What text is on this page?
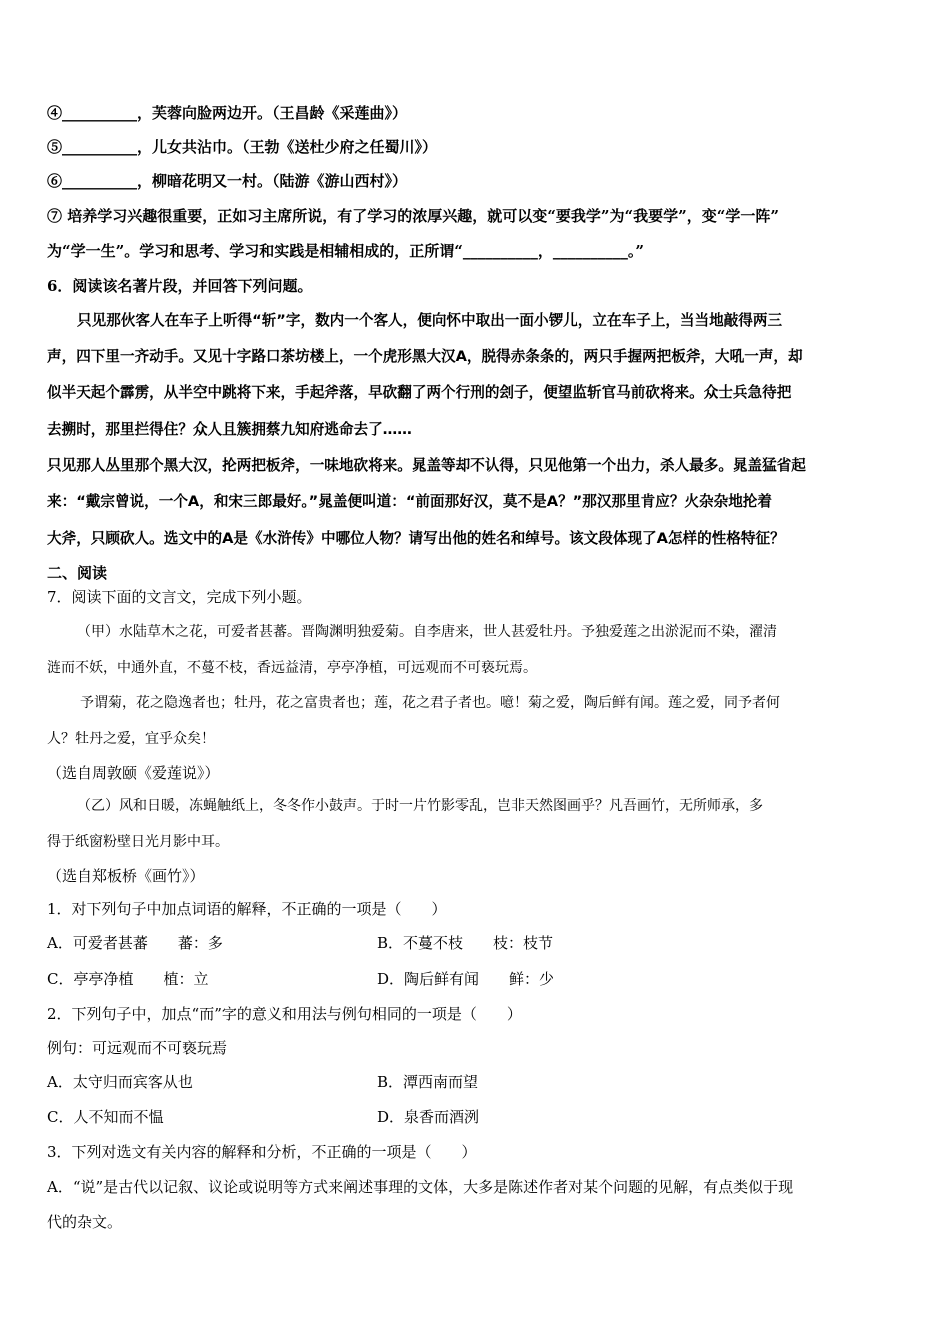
④__________，芙蓉向脸两边开。（王昌龄《采莲曲》）
⑤__________，儿女共沾巾。（王勃《送杜少府之任蜀川》）
⑥__________，柳暗花明又一村。（陆游《游山西村》）
⑦ 培养学习兴趣很重要，正如习主席所说，有了学习的浓厚兴趣，就可以变“要我学”为“我要学”，变“学一阵”
为“学一生”。学习和思考、学习和实践是相辅相成的，正所谓“__________，__________。”
6．阅读该名著片段，并回答下列问题。
只见那伙客人在车子上听得“斩”字，数内一个客人，便向怀中取出一面小锣儿，立在车子上，当当地敲得两三
声，四下里一齐动手。又见十字路口茶坊楼上，一个虎形黑大汉A，脱得赤条条的，两只手握两把板斧，大吼一声，却
似半天起个霹雳，从半空中跳将下来，手起斧落，早砍翻了两个行刑的刽子，便望监斩官马前砍将来。众士兵急待把
去搠时，那里拦得住？众人且簇拥蔡九知府逃命去了……
只见那人丛里那个黑大汉，抡两把板斧，一味地砍将来。晁盖等却不认得，只见他第一个出力，杀人最多。晁盖猛省起
来：“戴宗曾说，一个A，和宋三郎最好。”晁盖便叫道：“前面那好汉，莫不是A？”那汉那里肯应？火杂杂地抡着
大斧，只顾砍人。选文中的A是《水浒传》中哪位人物？请写出他的姓名和绰号。该文段体现了A怎样的性格特征？
二、阅读
7．阅读下面的文言文，完成下列小题。
（甲）水陆草木之花，可爱者甚蕃。晋陶渊明独爱菊。自李唐来，世人甚爱牡丹。予独爱莲之出淤泥而不染，濯清
涟而不妖，中通外直，不蔓不枝，香远益清，亭亭净植，可远观而不可亵玩焉。
予谓菊，花之隐逸者也；牡丹，花之富贵者也；莲，花之君子者也。噫！菊之爱，陶后鲜有闻。莲之爱，同予者何
人？牡丹之爱，宜乎众矣！
（选自周敦颐《爱莲说》）
（乙）风和日暖，冻蝇触纸上，冬冬作小鼓声。于时一片竹影零乱，岂非天然图画乎？凡吾画竹，无所师承，多
得于纸窗粉壁日光月影中耳。
（选自郑板桥《画竹》）
1．对下列句子中加点词语的解释，不正确的一项是（　　）
A．可爱者甚蕃　　蕃：多	B．不蔓不枝　　枝：枝节
C．亭亭净植　　植：立	D．陶后鲜有闻　　鲜：少
2．下列句子中，加点“而”字的意义和用法与例句相同的一项是（　　）
例句：可远观而不可亵玩焉
A．太守归而宾客从也	B．潭西南而望
C．人不知而不愠	D．泉香而酒洌
3．下列对选文有关内容的解释和分析，不正确的一项是（　　）
A．“说”是古代以记叙、议论或说明等方式来阐述事理的文体，大多是陈述作者对某个问题的见解，有点类似于现
代的杂文。
